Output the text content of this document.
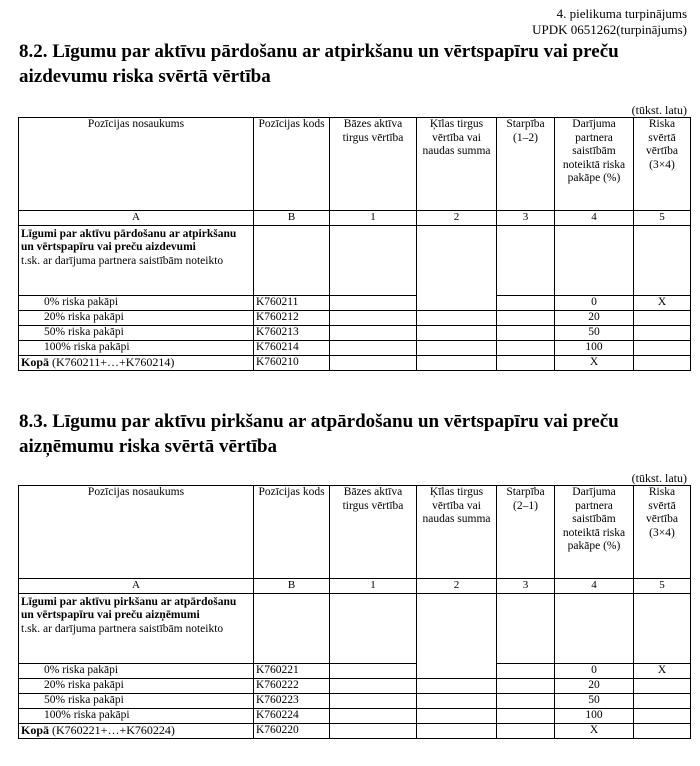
4. pielikuma turpinājums
UPDK 0651262(turpinājums)
8.2. Līgumu par aktīvu pārdošanu ar atpirkšanu un vērtspapīru vai preču aizdevumu riska svērtā vērtība
(tūkst. latu)
Pozīcijas nosaukums	Pozīcijas kods	Bāzes aktīva tirgus vērtība	Ķīlas tirgus vērtība vai naudas summa	Starpība (1–2)	Darījuma partnera saistībām noteiktā riska pakāpe (%)	Riska svērtā vērtība (3×4)
A	B	1	2	3	4	5
Līgumi par aktīvu pārdošanu ar atpirkšanu un vērtspapīru vai preču aizdevumi
t.sk. ar darījuma partnera saistībām noteikto						

0% riska pakāpi	K760211				0	X
20% riska pakāpi	K760212				20	
50% riska pakāpi	K760213				50	
100% riska pakāpi	K760214				100	
Kopā (K760211+…+K760214)	K760210				X	
8.3. Līgumu par aktīvu pirkšanu ar atpārdošanu un vērtspapīru vai preču aizņēmumu riska svērtā vērtība
(tūkst. latu)
Pozīcijas nosaukums	Pozīcijas kods	Bāzes aktīva tirgus vērtība	Ķīlas tirgus vērtība vai naudas summa	Starpība (2–1)	Darījuma partnera saistībām noteiktā riska pakāpe (%)	Riska svērtā vērtība (3×4)
A	B	1	2	3	4	5
Līgumi par aktīvu pirkšanu ar atpārdošanu un vērtspapīru vai preču aizņēmumi
t.sk. ar darījuma partnera saistībām noteikto						

0% riska pakāpi	K760221				0	X
20% riska pakāpi	K760222				20	
50% riska pakāpi	K760223				50	
100% riska pakāpi	K760224				100	
Kopā (K760221+…+K760224)	K760220				X	
